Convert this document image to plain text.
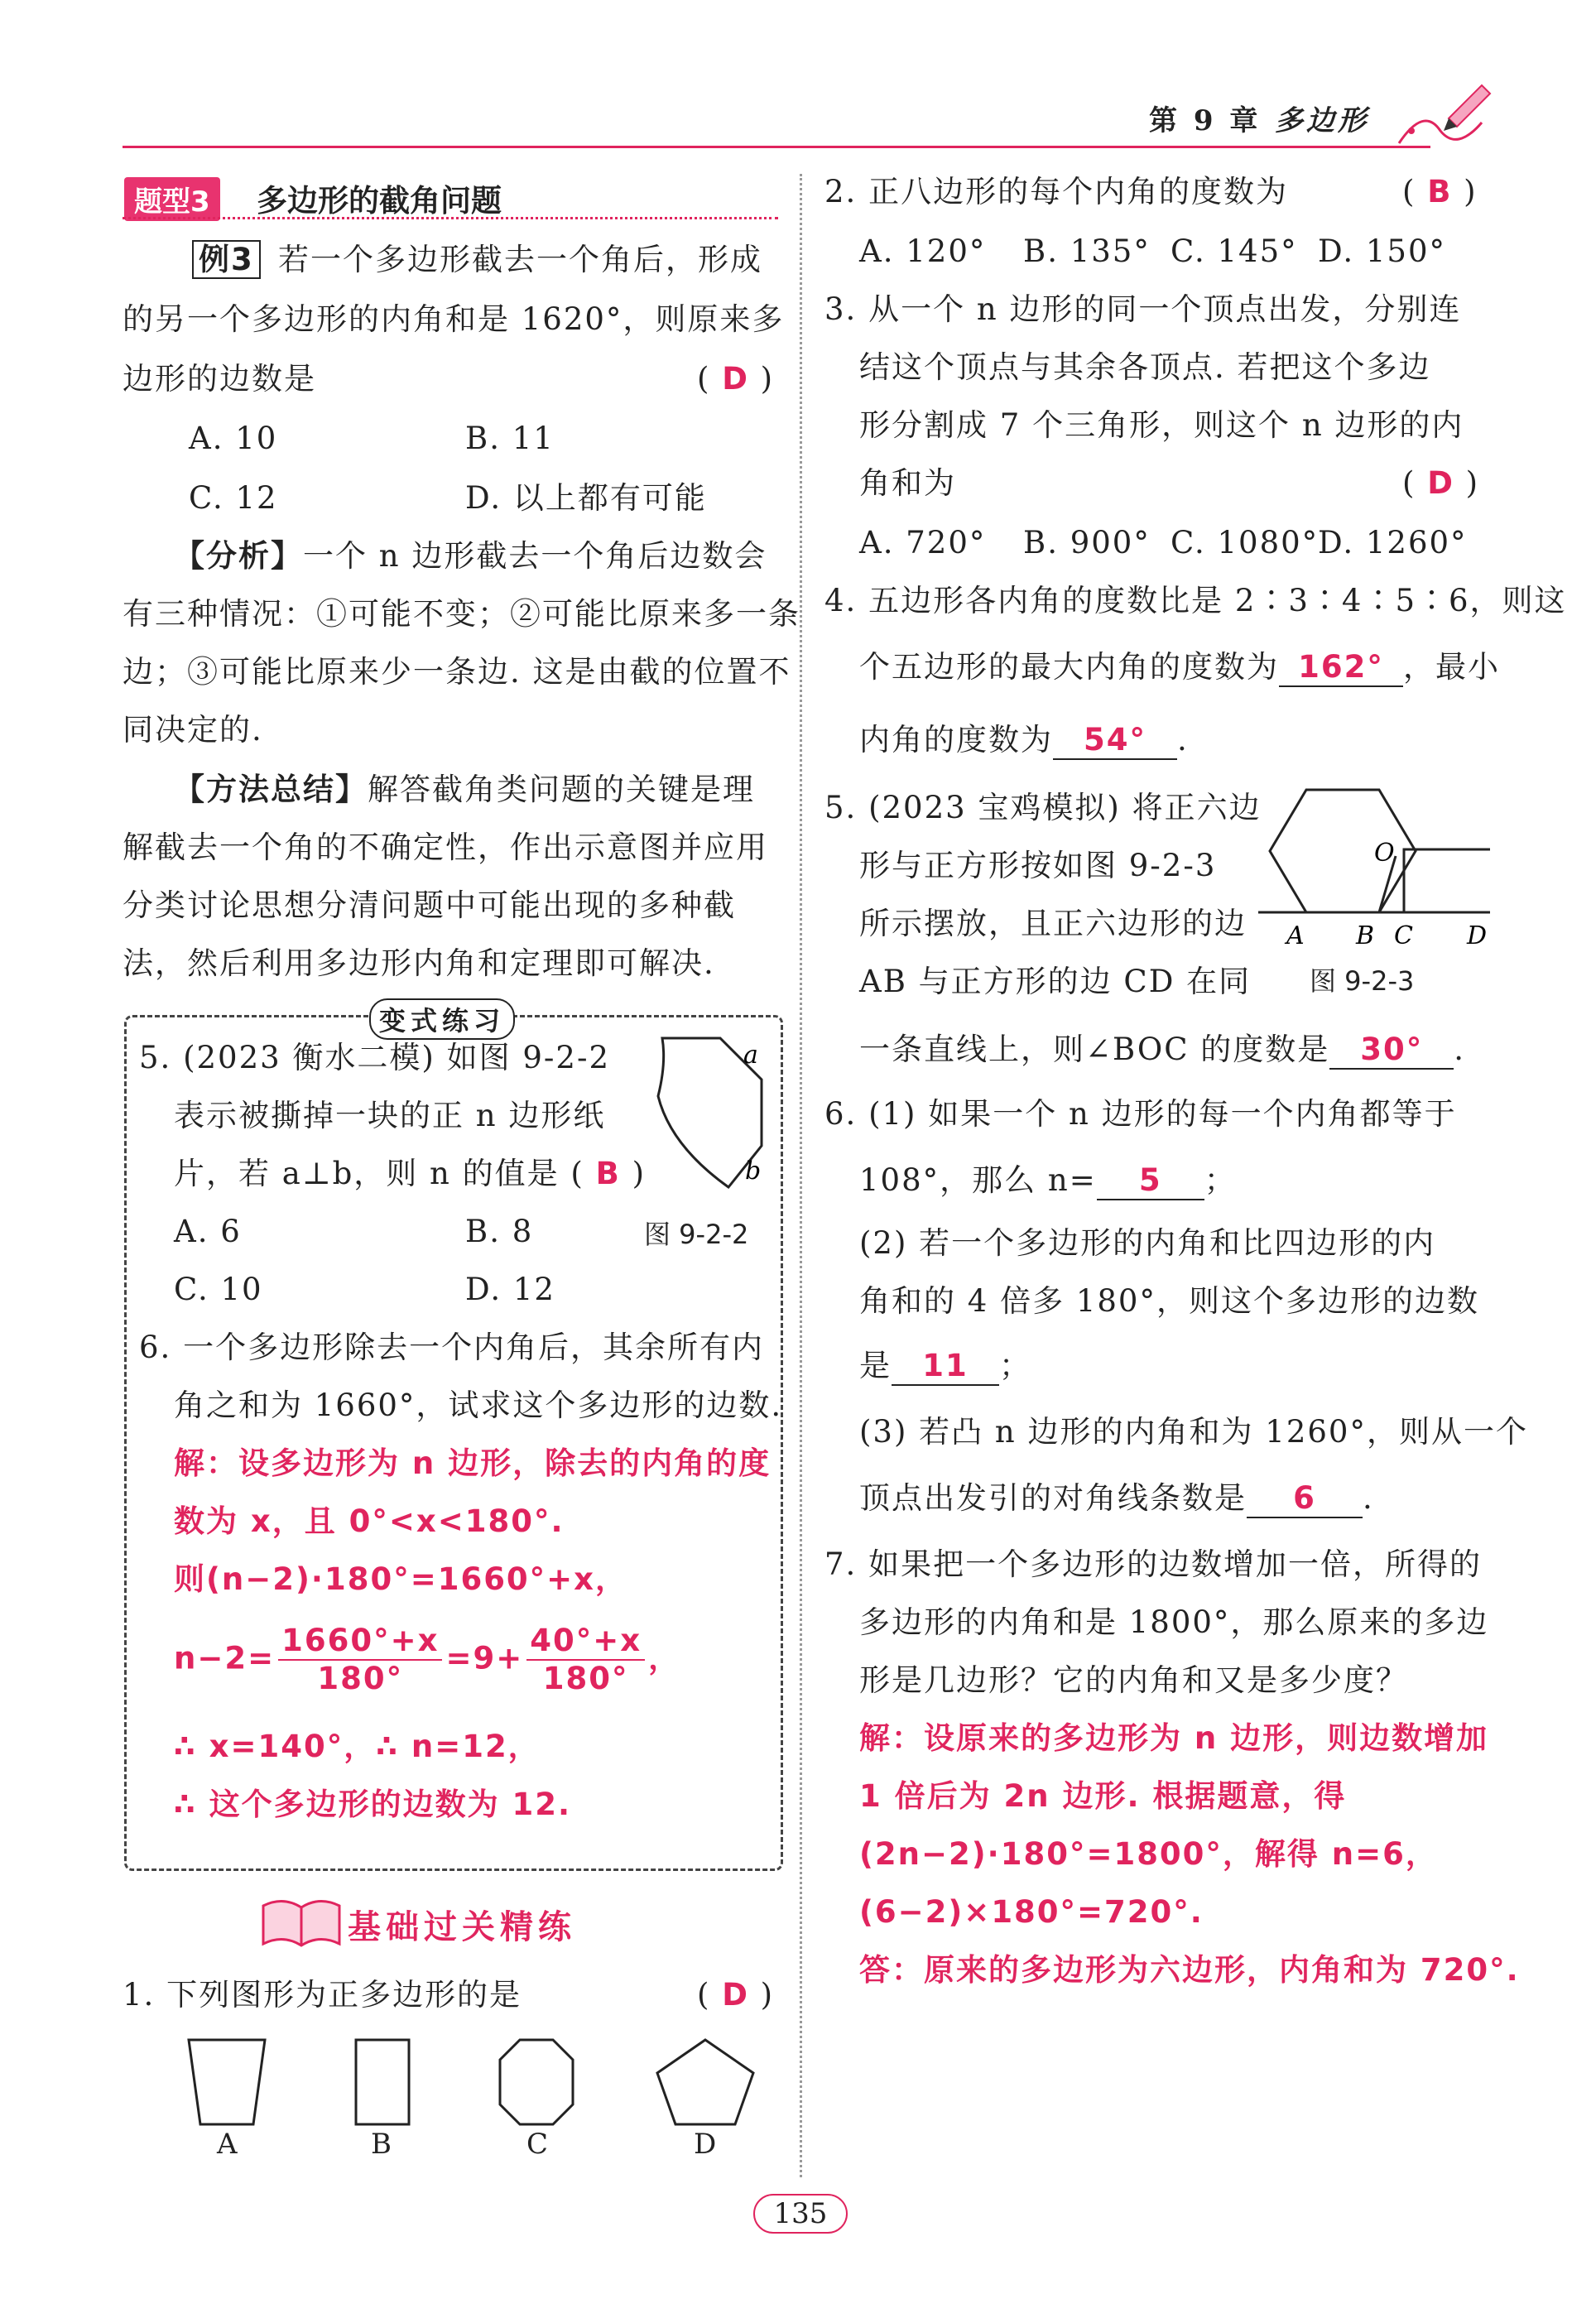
第 9 章 多边形
题型3	多边形的截角问题
例3 若一个多边形截去一个角后，形成
的另一个多边形的内角和是 1620°，则原来多
边形的边数是	( D )
A. 10	B. 11
C. 12	D. 以上都有可能
【分析】一个 n 边形截去一个角后边数会
有三种情况：①可能不变；②可能比原来多一条
边；③可能比原来少一条边. 这是由截的位置不
同决定的.
【方法总结】解答截角类问题的关键是理
解截去一个角的不确定性，作出示意图并应用
分类讨论思想分清问题中可能出现的多种截
法，然后利用多边形内角和定理即可解决.
变式练习
5. (2023 衡水二模) 如图 9-2-2
表示被撕掉一块的正 n 边形纸
片，若 a⊥b，则 n 的值是 ( B )
A. 6	B. 8
C. 10	D. 12
a
b
图 9-2-2
6. 一个多边形除去一个内角后，其余所有内
角之和为 1660°，试求这个多边形的边数.
解：设多边形为 n 边形，除去的内角的度
数为 x，且 0°<x<180°.
则(n−2)·180°=1660°+x，
$n-2= \frac{1660^\circ+x}{180^\circ} =9+ \frac{40^\circ+x}{180^\circ}$ ，
∴ x=140°，∴ n=12，
∴ 这个多边形的边数为 12.
基础过关精练
1. 下列图形为正多边形的是	( D )
A	B	C	D
2. 正八边形的每个内角的度数为	( B )
A. 120° B. 135° C. 145° D. 150°
3. 从一个 n 边形的同一个顶点出发，分别连
结这个顶点与其余各顶点. 若把这个多边
形分割成 7 个三角形，则这个 n 边形的内
角和为	( D )
A. 720° B. 900° C. 1080°
D. 1260°
4. 五边形各内角的度数比是 2∶3∶4∶5∶6，则这
个五边形的最大内角的度数为 162° ，最小
内角的度数为 54° .
5. (2023 宝鸡模拟) 将正六边
形与正方形按如图 9-2-3
所示摆放，且正六边形的边
AB 与正方形的边 CD 在同
一条直线上，则∠BOC 的度数是 30° .
O
A B C D
图 9-2-3
6. (1) 如果一个 n 边形的每一个内角都等于
108°，那么 n= 5 ；
(2) 若一个多边形的内角和比四边形的内
角和的 4 倍多 180°，则这个多边形的边数
是 11 ；
(3) 若凸 n 边形的内角和为 1260°，则从一个
顶点出发引的对角线条数是 6 .
7. 如果把一个多边形的边数增加一倍，所得的
多边形的内角和是 1800°，那么原来的多边
形是几边形？它的内角和又是多少度？
解：设原来的多边形为 n 边形，则边数增加
1 倍后为 2n 边形. 根据题意，得
(2n−2)·180°=1800°，解得 n=6，
(6−2)×180°=720°.
答：原来的多边形为六边形，内角和为 720°.
135
